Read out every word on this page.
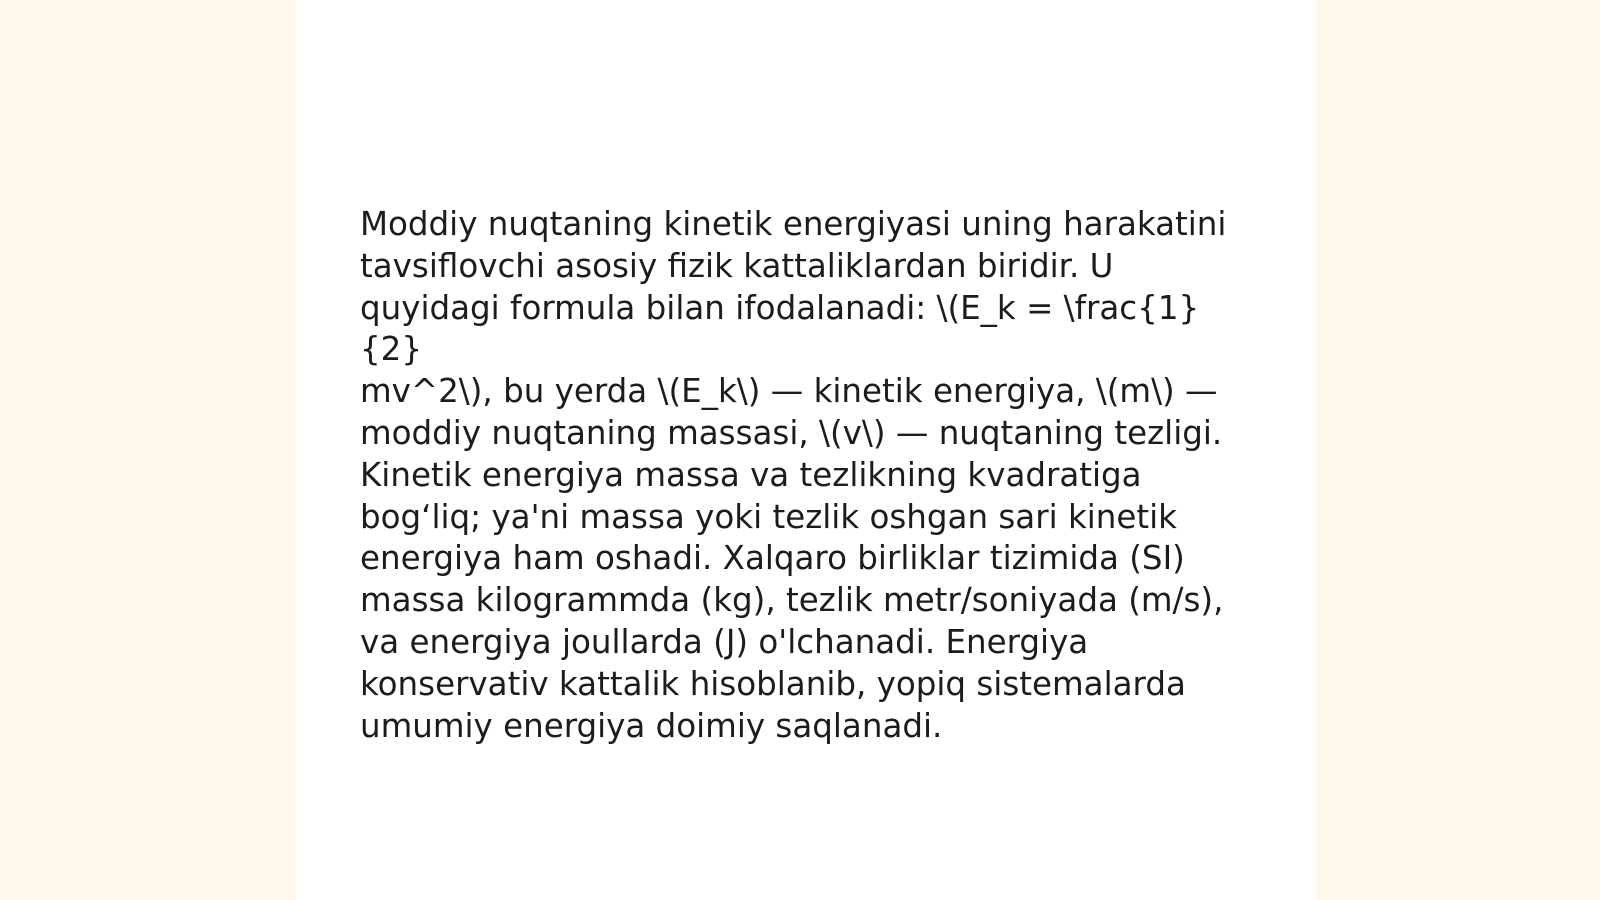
Moddiy nuqtaning kinetik energiyasi uning harakatini
tavsiflovchi asosiy fizik kattaliklardan biridir. U
quyidagi formula bilan ifodalanadi: \(E_k = \frac{1}{2}
mv^2\), bu yerda \(E_k\) — kinetik energiya, \(m\) —
moddiy nuqtaning massasi, \(v\) — nuqtaning tezligi.
Kinetik energiya massa va tezlikning kvadratiga
bog‘liq; ya'ni massa yoki tezlik oshgan sari kinetik
energiya ham oshadi. Xalqaro birliklar tizimida (SI)
massa kilogrammda (kg), tezlik metr/soniyada (m/s),
va energiya joullarda (J) o'lchanadi. Energiya
konservativ kattalik hisoblanib, yopiq sistemalarda
umumiy energiya doimiy saqlanadi.
